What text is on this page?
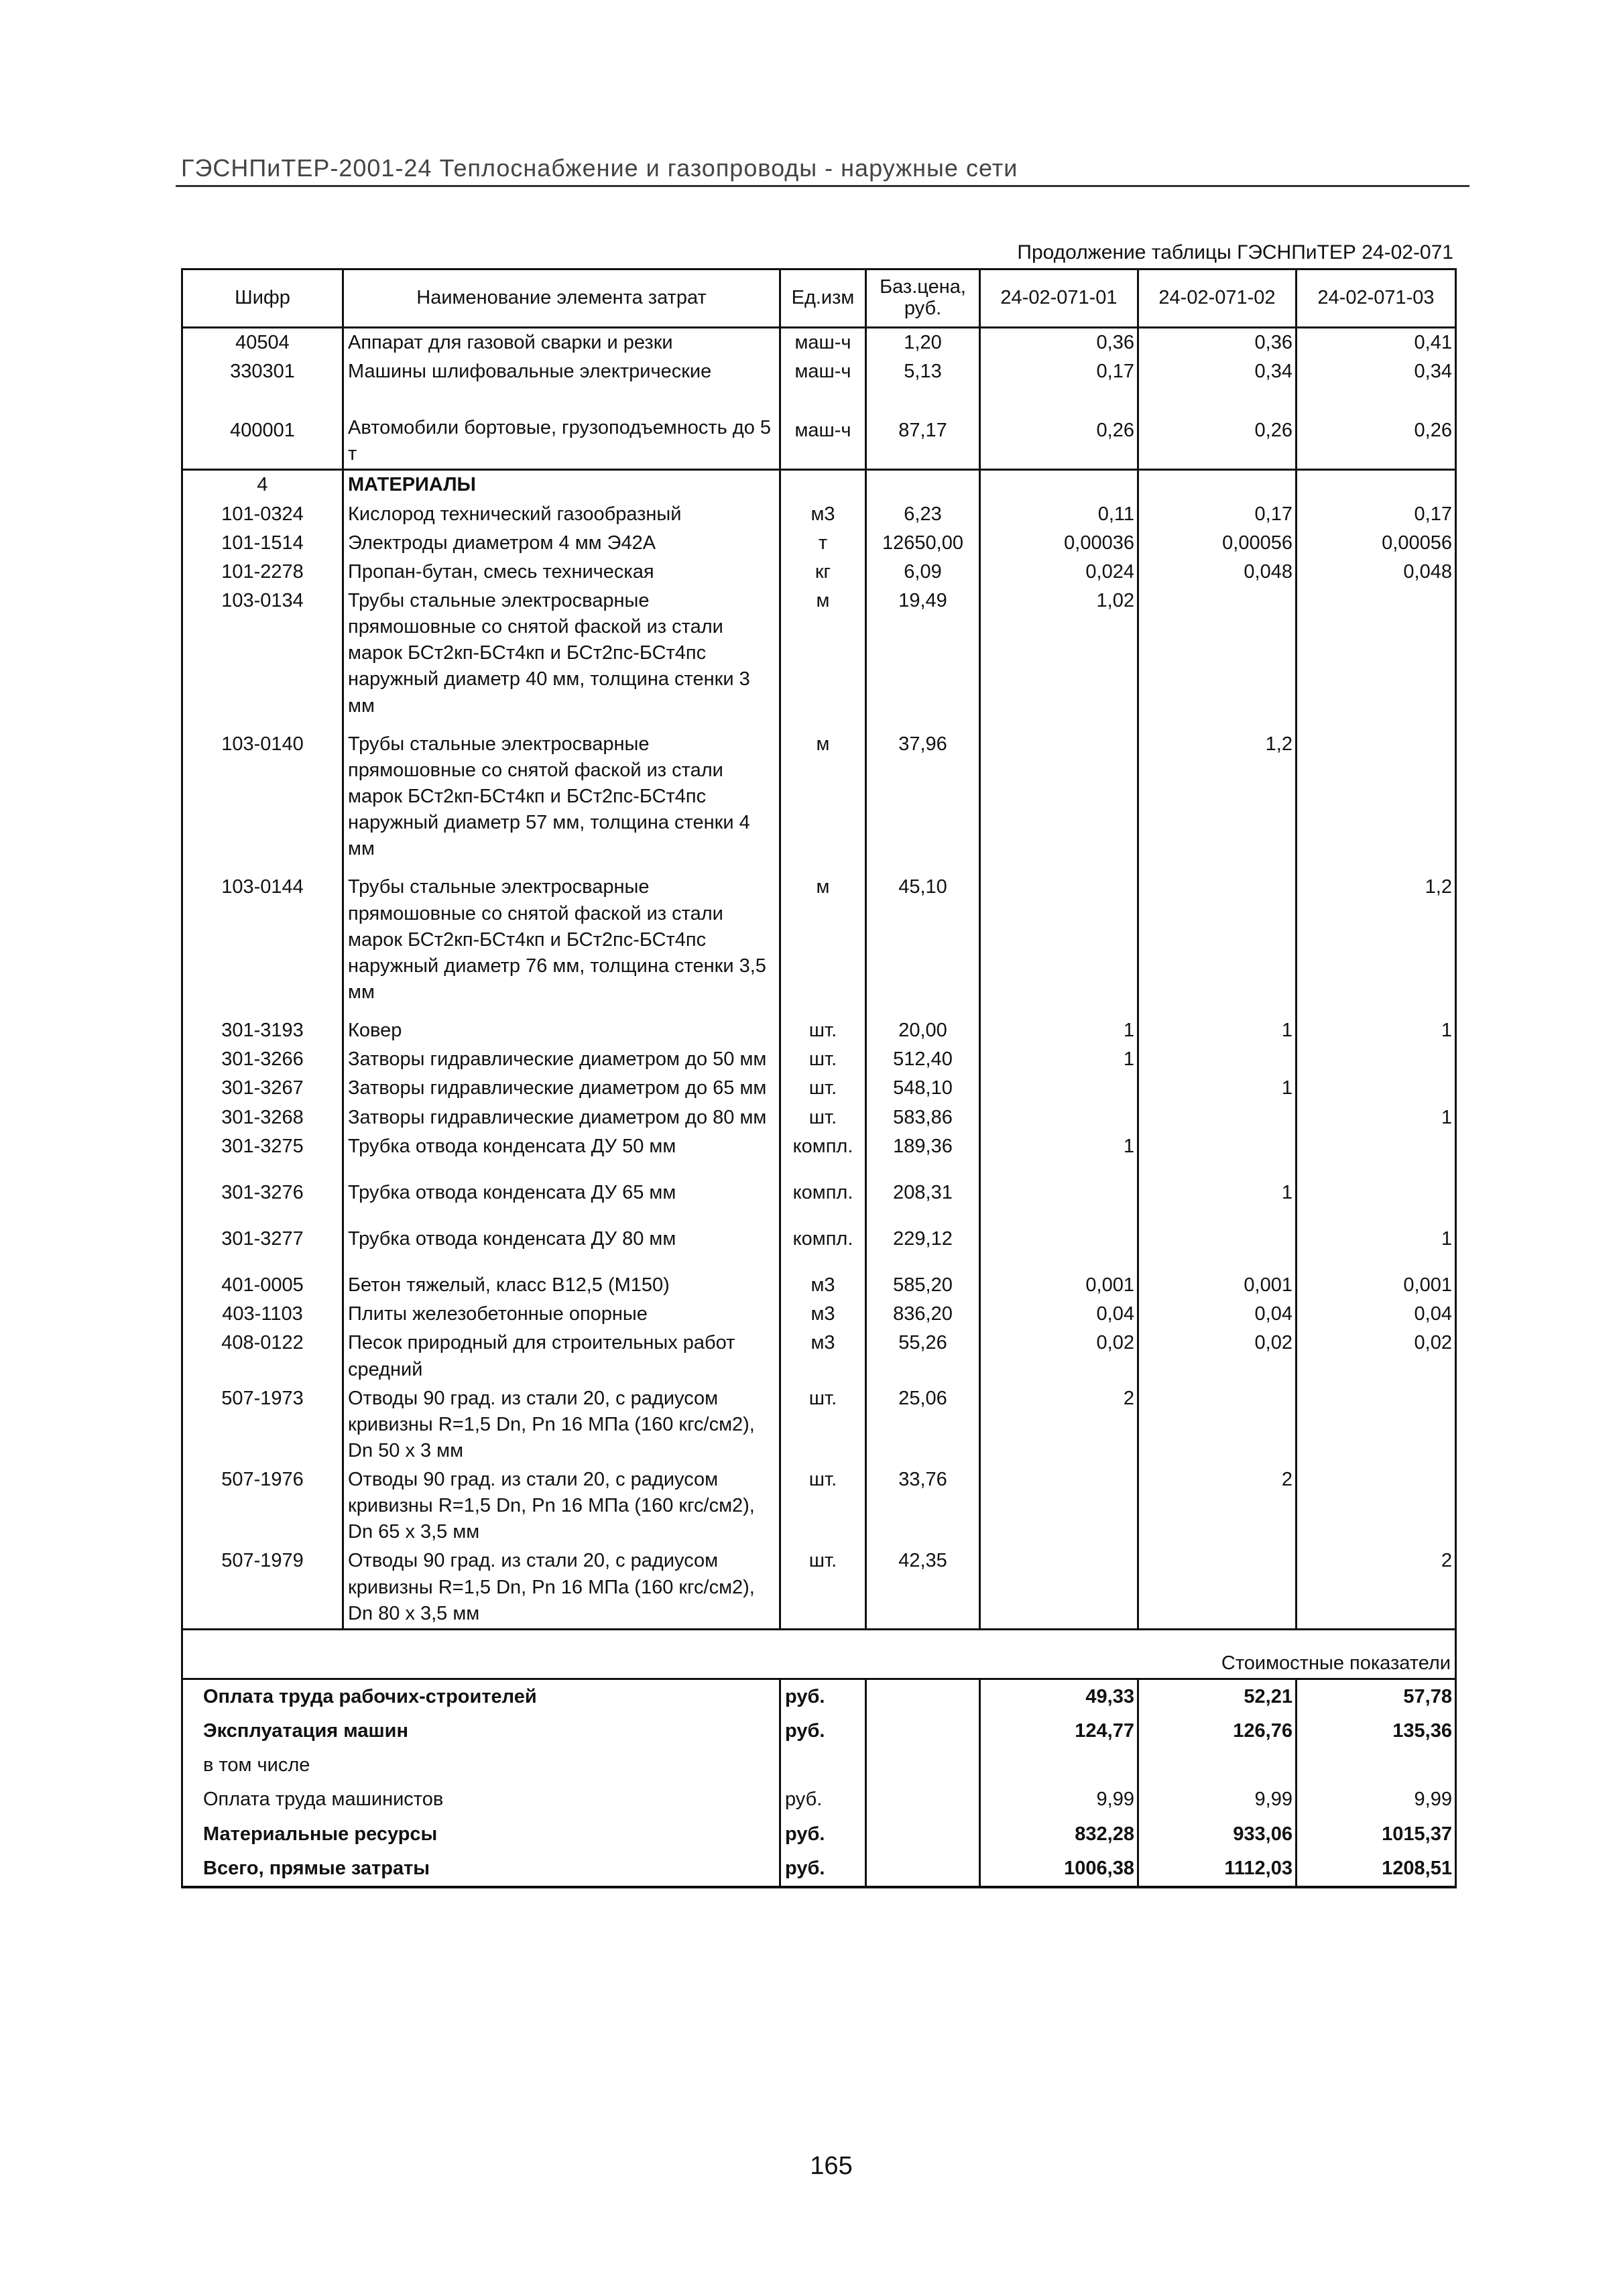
ГЭСНПиТЕР-2001-24 Теплоснабжение и газопроводы - наружные сети
Продолжение таблицы ГЭСНПиТЕР 24-02-071
Шифр	Наименование элемента затрат	Ед.изм	Баз.цена, руб.	24-02-071-01	24-02-071-02	24-02-071-03
40504	Аппарат для газовой сварки и резки	маш-ч	1,20	0,36	0,36	0,41
330301	Машины шлифовальные электрические	маш-ч	5,13	0,17	0,34	0,34
400001	Автомобили бортовые, грузоподъемность до 5 т	маш-ч	87,17	0,26	0,26	0,26
4	МАТЕРИАЛЫ					
101-0324	Кислород технический газообразный	м3	6,23	0,11	0,17	0,17
101-1514	Электроды диаметром 4 мм Э42А	т	12650,00	0,00036	0,00056	0,00056
101-2278	Пропан-бутан, смесь техническая	кг	6,09	0,024	0,048	0,048
103-0134	Трубы стальные электросварные прямошовные со снятой фаской из стали марок БСт2кп-БСт4кп и БСт2пс-БСт4пс наружный диаметр 40 мм, толщина стенки 3 мм	м	19,49	1,02		
103-0140	Трубы стальные электросварные прямошовные со снятой фаской из стали марок БСт2кп-БСт4кп и БСт2пс-БСт4пс наружный диаметр 57 мм, толщина стенки 4 мм	м	37,96		1,2	
103-0144	Трубы стальные электросварные прямошовные со снятой фаской из стали марок БСт2кп-БСт4кп и БСт2пс-БСт4пс наружный диаметр 76 мм, толщина стенки 3,5 мм	м	45,10			1,2
301-3193	Ковер	шт.	20,00	1	1	1
301-3266	Затворы гидравлические диаметром до 50 мм	шт.	512,40	1		
301-3267	Затворы гидравлические диаметром до 65 мм	шт.	548,10		1	
301-3268	Затворы гидравлические диаметром до 80 мм	шт.	583,86			1
301-3275	Трубка отвода конденсата ДУ 50 мм	компл.	189,36	1		
301-3276	Трубка отвода конденсата ДУ 65 мм	компл.	208,31		1	
301-3277	Трубка отвода конденсата ДУ 80 мм	компл.	229,12			1
401-0005	Бетон тяжелый, класс В12,5 (М150)	м3	585,20	0,001	0,001	0,001
403-1103	Плиты железобетонные опорные	м3	836,20	0,04	0,04	0,04
408-0122	Песок природный для строительных работ средний	м3	55,26	0,02	0,02	0,02
507-1973	Отводы 90 град. из стали 20, с радиусом кривизны R=1,5 Dn, Pn 16 МПа (160 кгс/см2), Dn 50 x 3 мм	шт.	25,06	2		
507-1976	Отводы 90 град. из стали 20, с радиусом кривизны R=1,5 Dn, Pn 16 МПа (160 кгс/см2), Dn 65 x 3,5 мм	шт.	33,76		2	
507-1979	Отводы 90 град. из стали 20, с радиусом кривизны R=1,5 Dn, Pn 16 МПа (160 кгс/см2), Dn 80 x 3,5 мм	шт.	42,35			2
Стоимостные показатели						
Оплата труда рабочих-строителей		руб.		49,33	52,21	57,78
Эксплуатация машин		руб.		124,77	126,76	135,36
в том числе						
Оплата труда машинистов		руб.		9,99	9,99	9,99
Материальные ресурсы		руб.		832,28	933,06	1015,37
Всего, прямые затраты		руб.		1006,38	1112,03	1208,51
165
